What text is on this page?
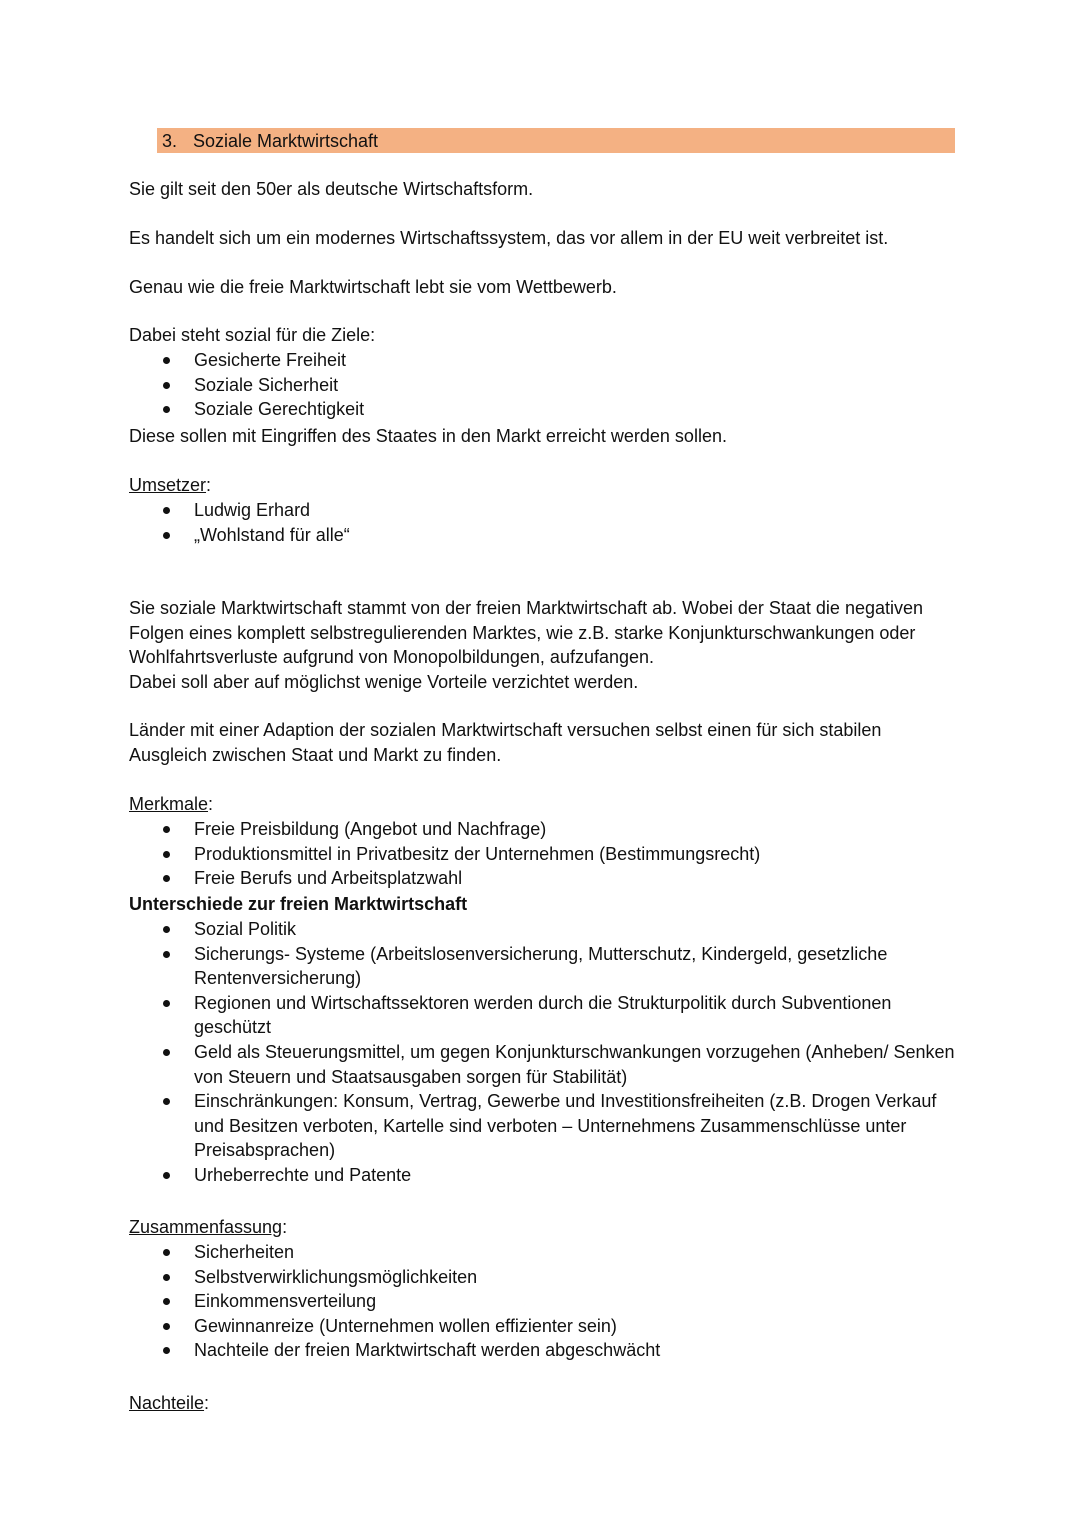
3. Soziale Marktwirtschaft

Sie gilt seit den 50er als deutsche Wirtschaftsform.

Es handelt sich um ein modernes Wirtschaftssystem, das vor allem in der EU weit verbreitet ist.

Genau wie die freie Marktwirtschaft lebt sie vom Wettbewerb.

Dabei steht sozial für die Ziele:

Gesicherte Freiheit
Soziale Sicherheit
Soziale Gerechtigkeit

Diese sollen mit Eingriffen des Staates in den Markt erreicht werden sollen.

Umsetzer:

Ludwig Erhard
„Wohlstand für alle“

Sie soziale Marktwirtschaft stammt von der freien Marktwirtschaft ab. Wobei der Staat die negativen
Folgen eines komplett selbstregulierenden Marktes, wie z.B. starke Konjunkturschwankungen oder
Wohlfahrtsverluste aufgrund von Monopolbildungen, aufzufangen.
Dabei soll aber auf möglichst wenige Vorteile verzichtet werden.

Länder mit einer Adaption der sozialen Marktwirtschaft versuchen selbst einen für sich stabilen
Ausgleich zwischen Staat und Markt zu finden.

Merkmale:

Freie Preisbildung (Angebot und Nachfrage)
Produktionsmittel in Privatbesitz der Unternehmen (Bestimmungsrecht)
Freie Berufs und Arbeitsplatzwahl

Unterschiede zur freien Marktwirtschaft

Sozial Politik
Sicherungs- Systeme (Arbeitslosenversicherung, Mutterschutz, Kindergeld, gesetzliche Rentenversicherung)
Regionen und Wirtschaftssektoren werden durch die Strukturpolitik durch Subventionen geschützt
Geld als Steuerungsmittel, um gegen Konjunkturschwankungen vorzugehen (Anheben/ Senken von Steuern und Staatsausgaben sorgen für Stabilität)
Einschränkungen: Konsum, Vertrag, Gewerbe und Investitionsfreiheiten (z.B. Drogen Verkauf und Besitzen verboten, Kartelle sind verboten – Unternehmens Zusammenschlüsse unter Preisabsprachen)
Urheberrechte und Patente

Zusammenfassung:

Sicherheiten
Selbstverwirklichungsmöglichkeiten
Einkommensverteilung
Gewinnanreize (Unternehmen wollen effizienter sein)
Nachteile der freien Marktwirtschaft werden abgeschwächt

Nachteile:
